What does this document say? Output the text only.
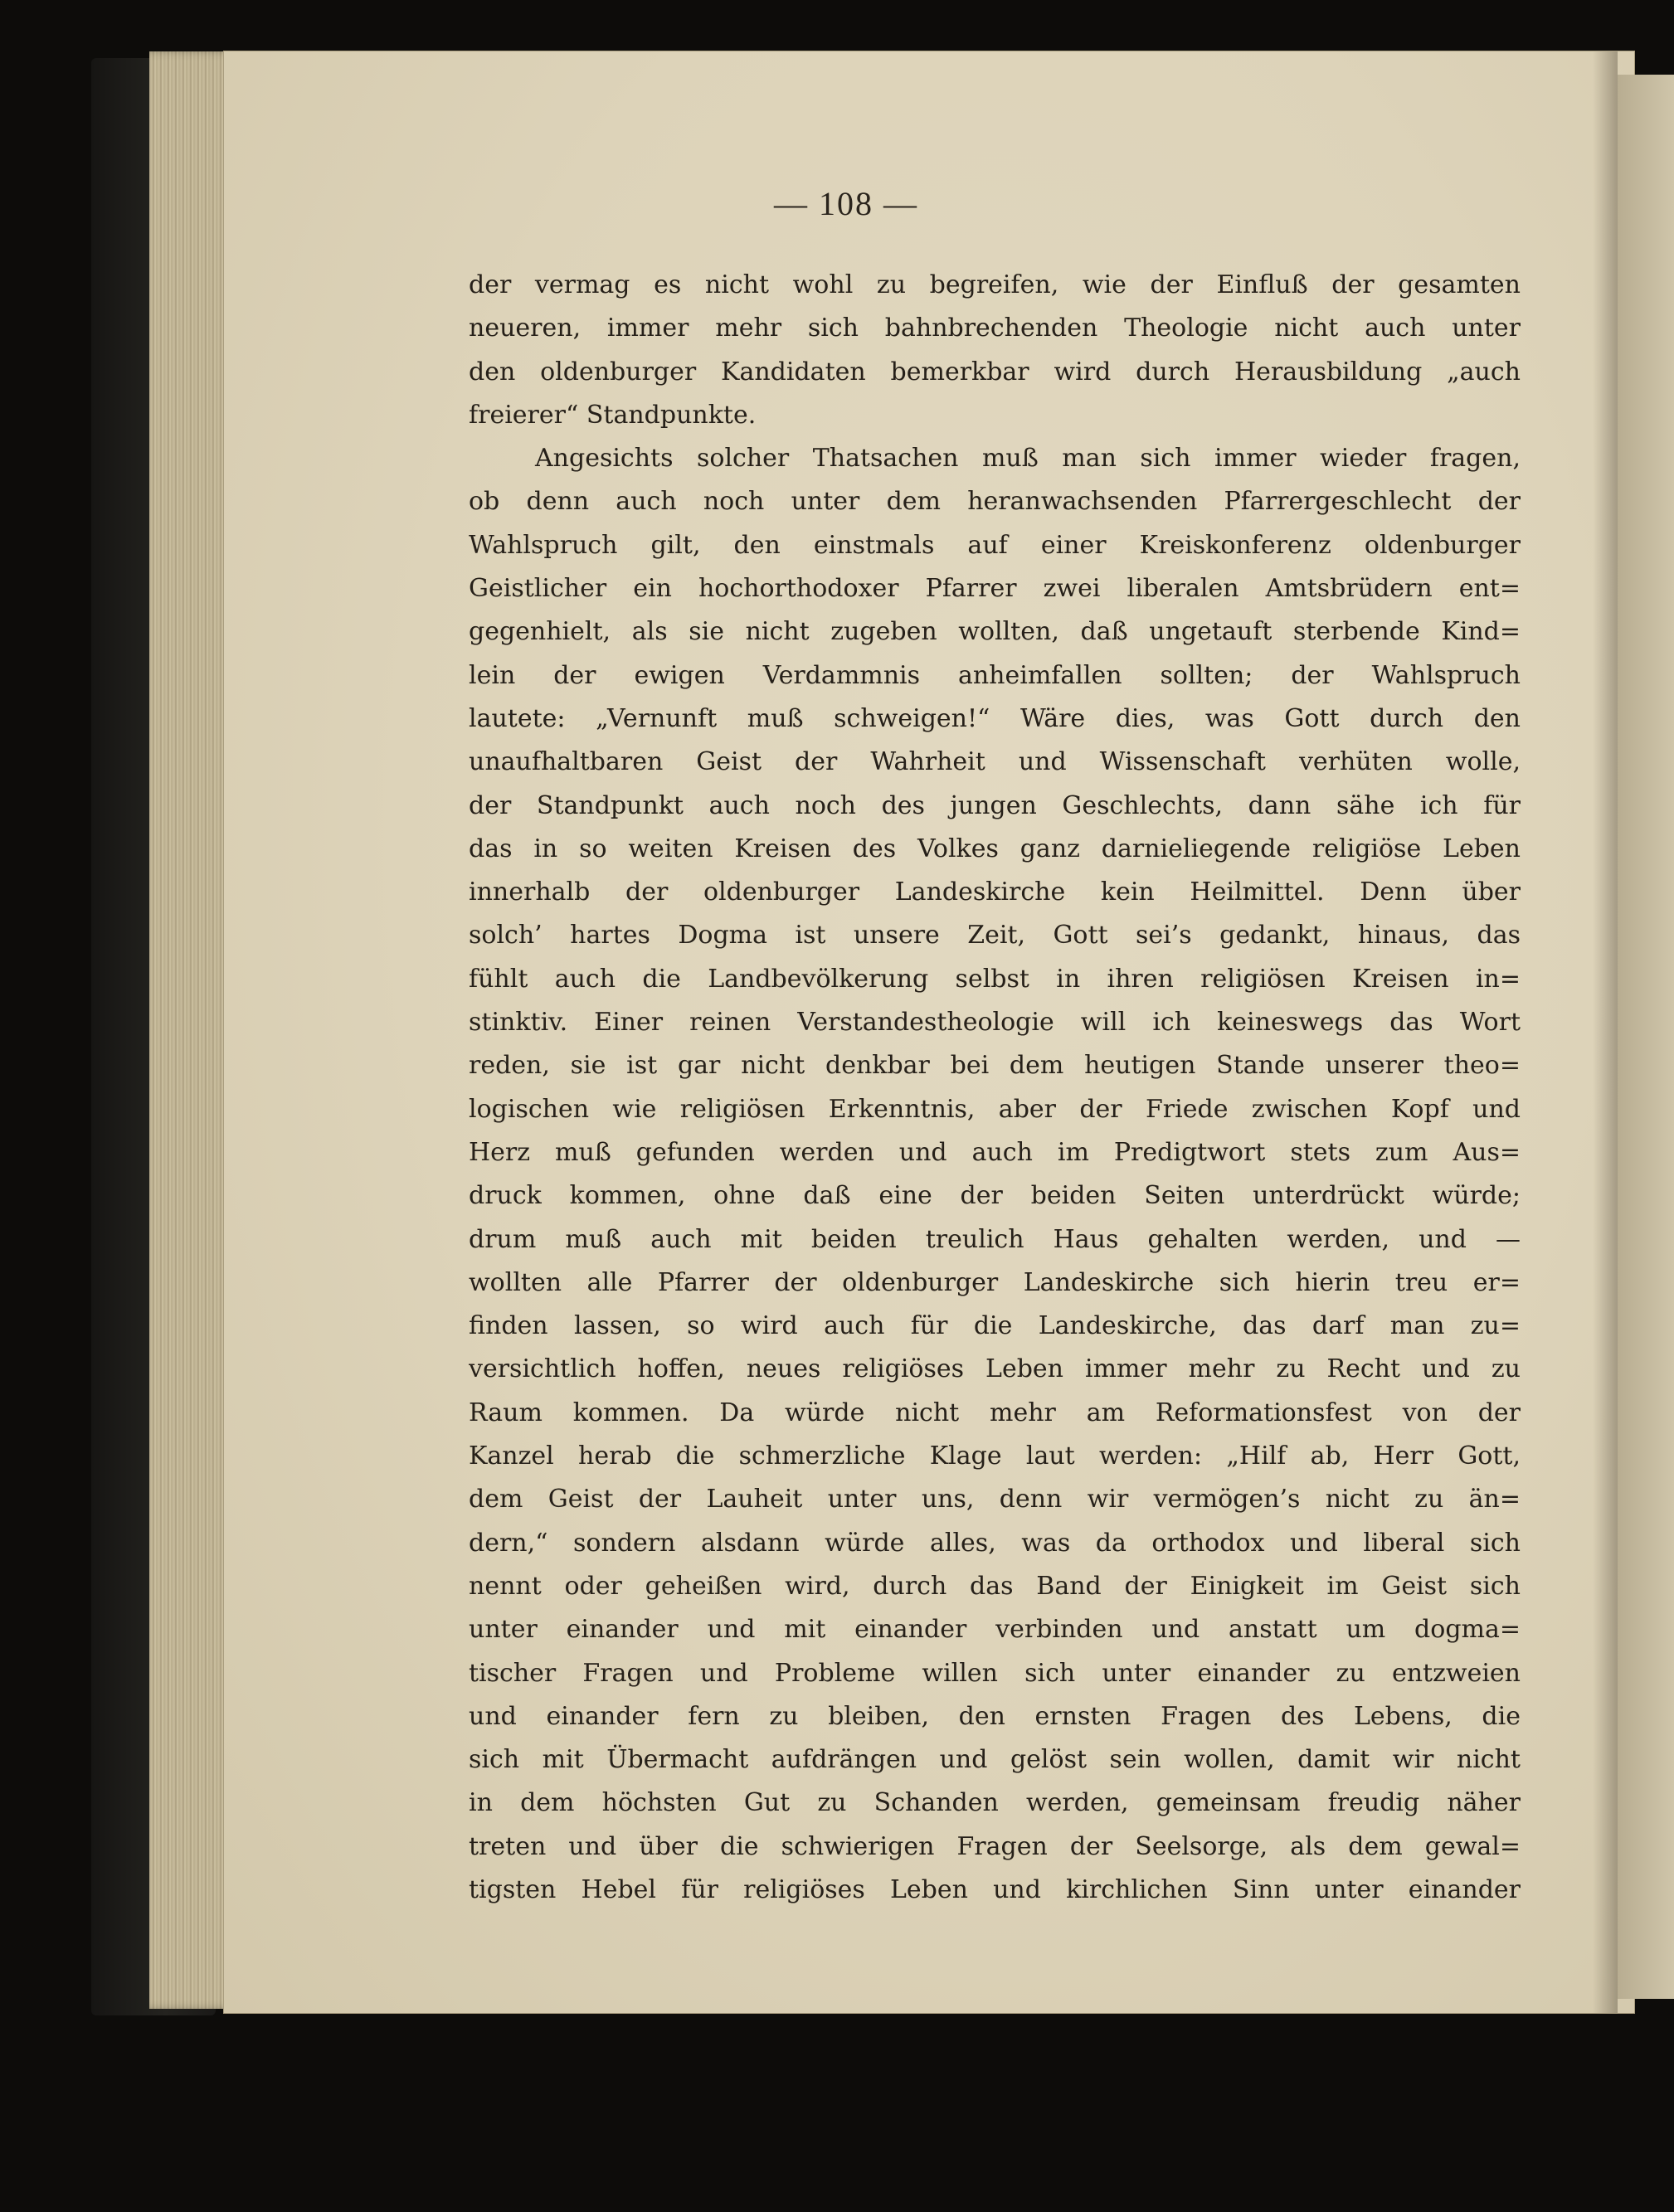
— 108 —
der vermag es nicht wohl zu begreifen, wie der Einfluß der gesamten
neueren, immer mehr sich bahnbrechenden Theologie nicht auch unter
den oldenburger Kandidaten bemerkbar wird durch Herausbildung „auch
freierer“ Standpunkte.
Angesichts solcher Thatsachen muß man sich immer wieder fragen,
ob denn auch noch unter dem heranwachsenden Pfarrergeschlecht der
Wahlspruch gilt, den einstmals auf einer Kreiskonferenz oldenburger
Geistlicher ein hochorthodoxer Pfarrer zwei liberalen Amtsbrüdern ent=
gegenhielt, als sie nicht zugeben wollten, daß ungetauft sterbende Kind=
lein der ewigen Verdammnis anheimfallen sollten; der Wahlspruch
lautete: „Vernunft muß schweigen!“ Wäre dies, was Gott durch den
unaufhaltbaren Geist der Wahrheit und Wissenschaft verhüten wolle,
der Standpunkt auch noch des jungen Geschlechts, dann sähe ich für
das in so weiten Kreisen des Volkes ganz darnieliegende religiöse Leben
innerhalb der oldenburger Landeskirche kein Heilmittel. Denn über
solch’ hartes Dogma ist unsere Zeit, Gott sei’s gedankt, hinaus, das
fühlt auch die Landbevölkerung selbst in ihren religiösen Kreisen in=
stinktiv. Einer reinen Verstandestheologie will ich keineswegs das Wort
reden, sie ist gar nicht denkbar bei dem heutigen Stande unserer theo=
logischen wie religiösen Erkenntnis, aber der Friede zwischen Kopf und
Herz muß gefunden werden und auch im Predigtwort stets zum Aus=
druck kommen, ohne daß eine der beiden Seiten unterdrückt würde;
drum muß auch mit beiden treulich Haus gehalten werden, und —
wollten alle Pfarrer der oldenburger Landeskirche sich hierin treu er=
finden lassen, so wird auch für die Landeskirche, das darf man zu=
versichtlich hoffen, neues religiöses Leben immer mehr zu Recht und zu
Raum kommen. Da würde nicht mehr am Reformationsfest von der
Kanzel herab die schmerzliche Klage laut werden: „Hilf ab, Herr Gott,
dem Geist der Lauheit unter uns, denn wir vermögen’s nicht zu än=
dern,“ sondern alsdann würde alles, was da orthodox und liberal sich
nennt oder geheißen wird, durch das Band der Einigkeit im Geist sich
unter einander und mit einander verbinden und anstatt um dogma=
tischer Fragen und Probleme willen sich unter einander zu entzweien
und einander fern zu bleiben, den ernsten Fragen des Lebens, die
sich mit Übermacht aufdrängen und gelöst sein wollen, damit wir nicht
in dem höchsten Gut zu Schanden werden, gemeinsam freudig näher
treten und über die schwierigen Fragen der Seelsorge, als dem gewal=
tigsten Hebel für religiöses Leben und kirchlichen Sinn unter einander
